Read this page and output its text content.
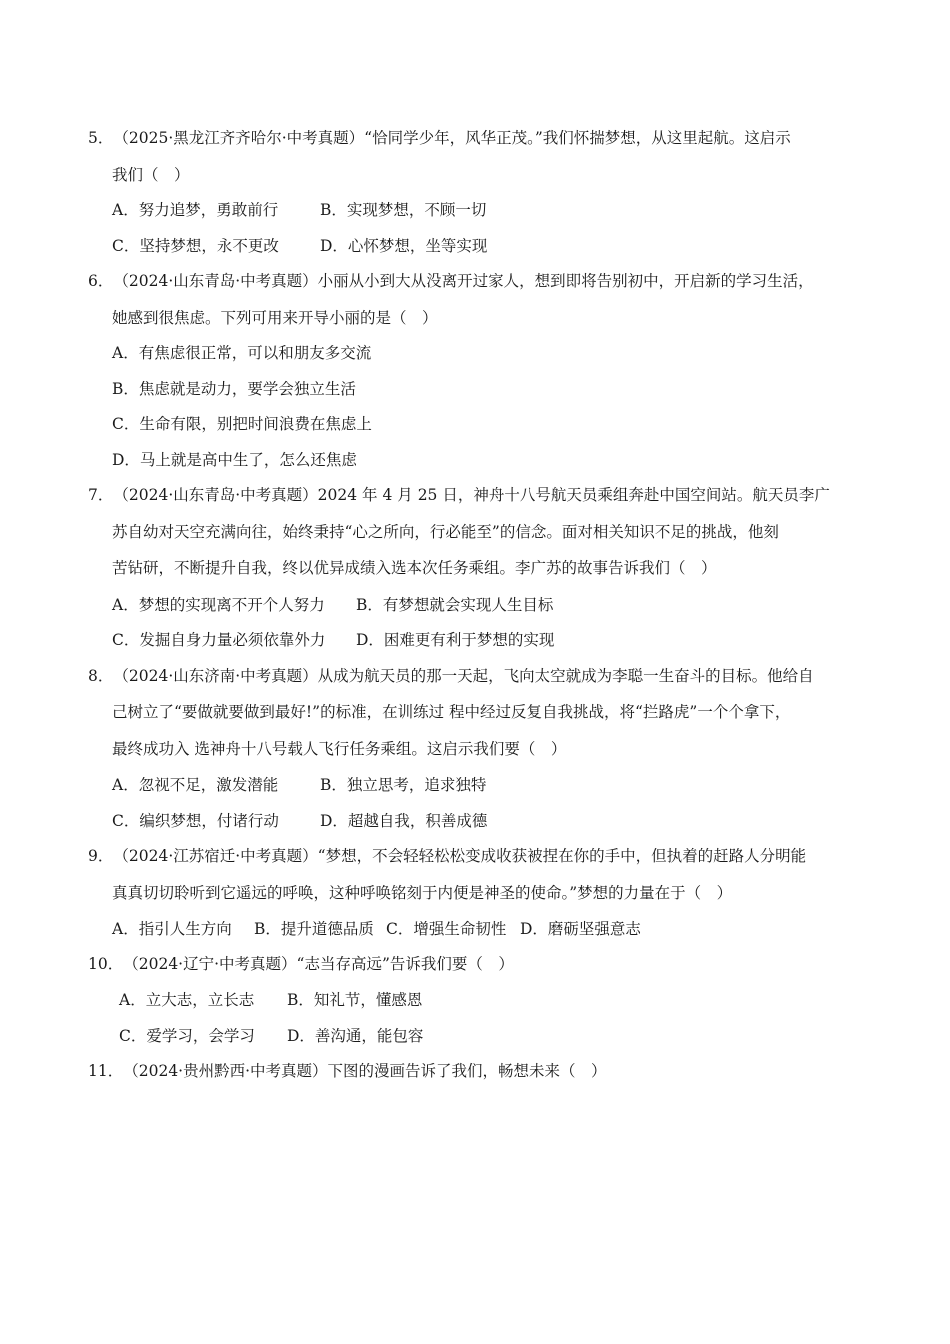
5．（2025·黑龙江齐齐哈尔·中考真题）“恰同学少年，风华正茂。”我们怀揣梦想，从这里起航。这启示
我们（　）
A．努力追梦，勇敢前行	B．实现梦想，不顾一切
C．坚持梦想，永不更改	D．心怀梦想，坐等实现
6．（2024·山东青岛·中考真题）小丽从小到大从没离开过家人，想到即将告别初中，开启新的学习生活，
她感到很焦虑。下列可用来开导小丽的是（　）
A．有焦虑很正常，可以和朋友多交流
B．焦虑就是动力，要学会独立生活
C．生命有限，别把时间浪费在焦虑上
D．马上就是高中生了，怎么还焦虑
7．（2024·山东青岛·中考真题）2024 年 4 月 25 日，神舟十八号航天员乘组奔赴中国空间站。航天员李广
苏自幼对天空充满向往，始终秉持“心之所向，行必能至”的信念。面对相关知识不足的挑战，他刻
苦钻研，不断提升自我，终以优异成绩入选本次任务乘组。李广苏的故事告诉我们（　）
A．梦想的实现离不开个人努力 B．有梦想就会实现人生目标
C．发掘自身力量必须依靠外力 D．困难更有利于梦想的实现
8．（2024·山东济南·中考真题）从成为航天员的那一天起，飞向太空就成为李聪一生奋斗的目标。他给自
己树立了“要做就要做到最好!”的标准，在训练过 程中经过反复自我挑战，将“拦路虎”一个个拿下，
最终成功入 选神舟十八号载人飞行任务乘组。这启示我们要（　）
A．忽视不足，激发潜能	B．独立思考，追求独特
C．编织梦想，付诸行动	D．超越自我，积善成德
9．（2024·江苏宿迁·中考真题）“梦想，不会轻轻松松变成收获被捏在你的手中，但执着的赶路人分明能
真真切切聆听到它遥远的呼唤，这种呼唤铭刻于内便是神圣的使命。”梦想的力量在于（　）
A．指引人生方向 B．提升道德品质 C．增强生命韧性 D．磨砺坚强意志
10．（2024·辽宁·中考真题）“志当存高远”告诉我们要（　）
A．立大志，立长志 B．知礼节，懂感恩
C．爱学习，会学习 D．善沟通，能包容
11．（2024·贵州黔西·中考真题）下图的漫画告诉了我们，畅想未来（　）
